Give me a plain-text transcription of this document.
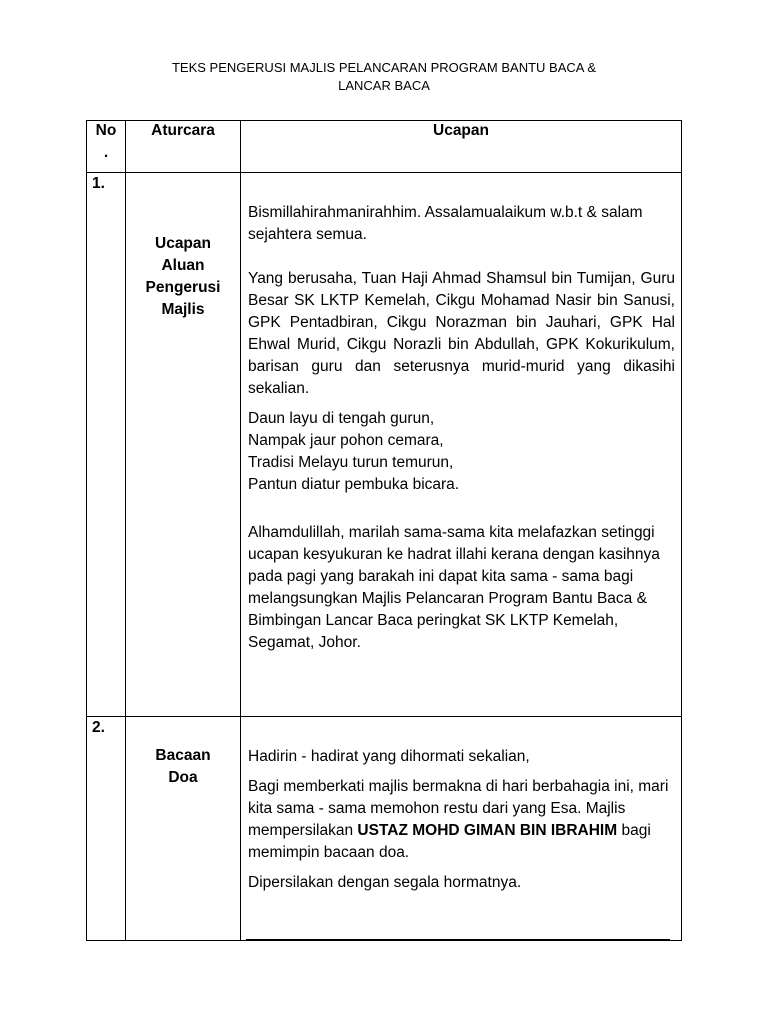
TEKS PENGERUSI MAJLIS PELANCARAN PROGRAM BANTU BACA &
LANCAR BACA
No
.
Aturcara	Ucapan
1.
Ucapan
Aluan
Pengerusi
Majlis

Bismillahirahmanirahhim. Assalamualaikum w.b.t & salam sejahtera semua.

Yang berusaha, Tuan Haji Ahmad Shamsul bin Tumijan, Guru Besar SK LKTP Kemelah, Cikgu Mohamad Nasir bin Sanusi, GPK Pentadbiran, Cikgu Norazman bin Jauhari, GPK Hal Ehwal Murid, Cikgu Norazli bin Abdullah, GPK Kokurikulum, barisan guru dan seterusnya murid-murid yang dikasihi sekalian.

Daun layu di tengah gurun,
Nampak jaur pohon cemara,
Tradisi Melayu turun temurun,
Pantun diatur pembuka bicara.

Alhamdulillah, marilah sama-sama kita melafazkan setinggi ucapan kesyukuran ke hadrat illahi kerana dengan kasihnya pada pagi yang barakah ini dapat kita sama - sama bagi melangsungkan Majlis Pelancaran Program Bantu Baca & Bimbingan Lancar Baca peringkat SK LKTP Kemelah, Segamat, Johor.

2.
Bacaan
Doa

Hadirin - hadirat yang dihormati sekalian,

Bagi memberkati majlis bermakna di hari berbahagia ini, mari kita sama - sama memohon restu dari yang Esa. Majlis mempersilakan USTAZ MOHD GIMAN BIN IBRAHIM bagi memimpin bacaan doa.

Dipersilakan dengan segala hormatnya.
